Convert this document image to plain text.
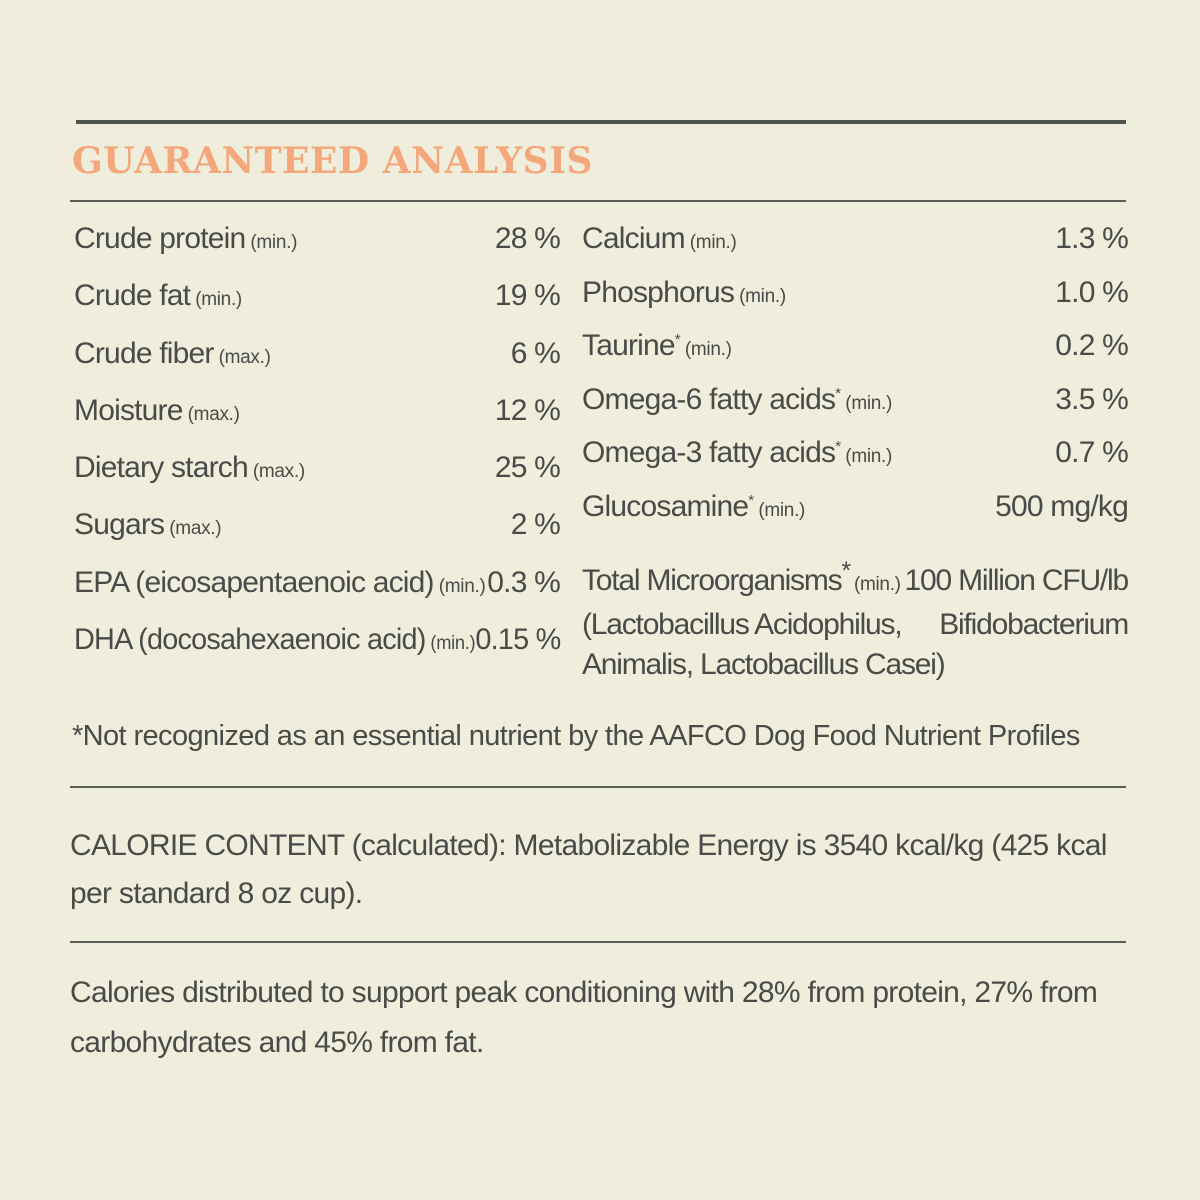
GUARANTEED ANALYSIS
Crude protein (min.)	28 %
Crude fat (min.)	19 %
Crude fiber (max.)	6 %
Moisture (max.)	12 %
Dietary starch (max.)	25 %
Sugars (max.)	2 %
EPA (eicosapentaenoic acid) (min.) 0.3 %
DHA (docosahexaenoic acid) (min.) 0.15 %
Calcium (min.)	1.3 %
Phosphorus (min.)	1.0 %
Taurine* (min.)	0.2 %
Omega-6 fatty acids* (min.)	3.5 %
Omega-3 fatty acids* (min.)	0.7 %
Glucosamine* (min.)	500 mg/kg
Total Microorganisms* (min.) 100 Million CFU/lb
(Lactobacillus Acidophilus, Bifidobacterium
Animalis, Lactobacillus Casei)

*Not recognized as an essential nutrient by the AAFCO Dog Food Nutrient Profiles

CALORIE CONTENT (calculated): Metabolizable Energy is 3540 kcal/kg (425 kcal per standard 8 oz cup).

Calories distributed to support peak conditioning with 28% from protein, 27% from carbohydrates and 45% from fat.
